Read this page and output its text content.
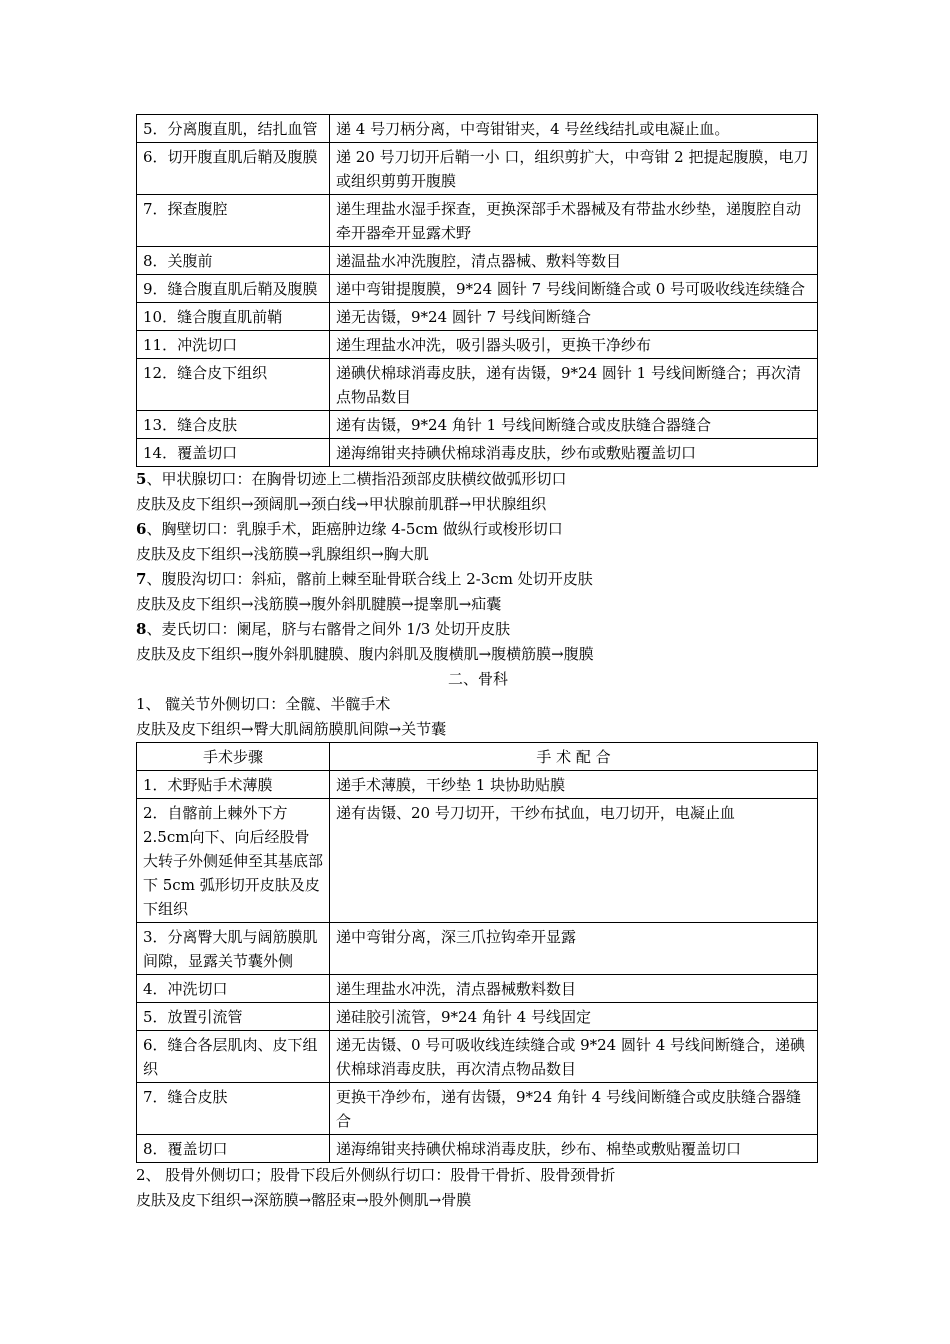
5．分离腹直肌，结扎血管	递 4 号刀柄分离，中弯钳钳夹，4 号丝线结扎或电凝止血。
6．切开腹直肌后鞘及腹膜	递 20 号刀切开后鞘一小 口，组织剪扩大，中弯钳 2 把提起腹膜，电刀或组织剪剪开腹膜
7．探查腹腔	递生理盐水湿手探查，更换深部手术器械及有带盐水纱垫，递腹腔自动牵开器牵开显露术野
8．关腹前	递温盐水冲洗腹腔，清点器械、敷料等数目
9．缝合腹直肌后鞘及腹膜	递中弯钳提腹膜，9*24 圆针 7 号线间断缝合或 0 号可吸收线连续缝合
10．缝合腹直肌前鞘	递无齿镊，9*24 圆针 7 号线间断缝合
11．冲洗切口	递生理盐水冲洗，吸引器头吸引，更换干净纱布
12．缝合皮下组织	递碘伏棉球消毒皮肤，递有齿镊，9*24 圆针 1 号线间断缝合；再次清点物品数目
13．缝合皮肤	递有齿镊，9*24 角针 1 号线间断缝合或皮肤缝合器缝合
14．覆盖切口	递海绵钳夹持碘伏棉球消毒皮肤，纱布或敷贴覆盖切口
5、甲状腺切口：在胸骨切迹上二横指沿颈部皮肤横纹做弧形切口
皮肤及皮下组织→颈阔肌→颈白线→甲状腺前肌群→甲状腺组织
6、胸壁切口：乳腺手术，距癌肿边缘 4-5cm 做纵行或梭形切口
皮肤及皮下组织→浅筋膜→乳腺组织→胸大肌
7、腹股沟切口：斜疝，髂前上棘至耻骨联合线上 2-3cm 处切开皮肤
皮肤及皮下组织→浅筋膜→腹外斜肌腱膜→提睾肌→疝囊
8、麦氏切口：阑尾，脐与右髂骨之间外 1/3 处切开皮肤
皮肤及皮下组织→腹外斜肌腱膜、腹内斜肌及腹横肌→腹横筋膜→腹膜
二、骨科
1、 髋关节外侧切口：全髋、半髋手术
皮肤及皮下组织→臀大肌阔筋膜肌间隙→关节囊
手术步骤	手 术 配 合
1．术野贴手术薄膜	递手术薄膜，干纱垫 1 块协助贴膜
2．自髂前上棘外下方 2.5cm向下、向后经股骨大转子外侧延伸至其基底部下 5cm 弧形切开皮肤及皮下组织	递有齿镊、20 号刀切开，干纱布拭血，电刀切开，电凝止血
3．分离臀大肌与阔筋膜肌间隙，显露关节囊外侧	递中弯钳分离，深三爪拉钩牵开显露
4．冲洗切口	递生理盐水冲洗，清点器械敷料数目
5．放置引流管	递硅胶引流管，9*24 角针 4 号线固定
6．缝合各层肌肉、皮下组织	递无齿镊、0 号可吸收线连续缝合或 9*24 圆针 4 号线间断缝合，递碘伏棉球消毒皮肤，再次清点物品数目
7．缝合皮肤	更换干净纱布，递有齿镊，9*24 角针 4 号线间断缝合或皮肤缝合器缝合
8．覆盖切口	递海绵钳夹持碘伏棉球消毒皮肤，纱布、棉垫或敷贴覆盖切口
2、 股骨外侧切口；股骨下段后外侧纵行切口：股骨干骨折、股骨颈骨折
皮肤及皮下组织→深筋膜→髂胫束→股外侧肌→骨膜
